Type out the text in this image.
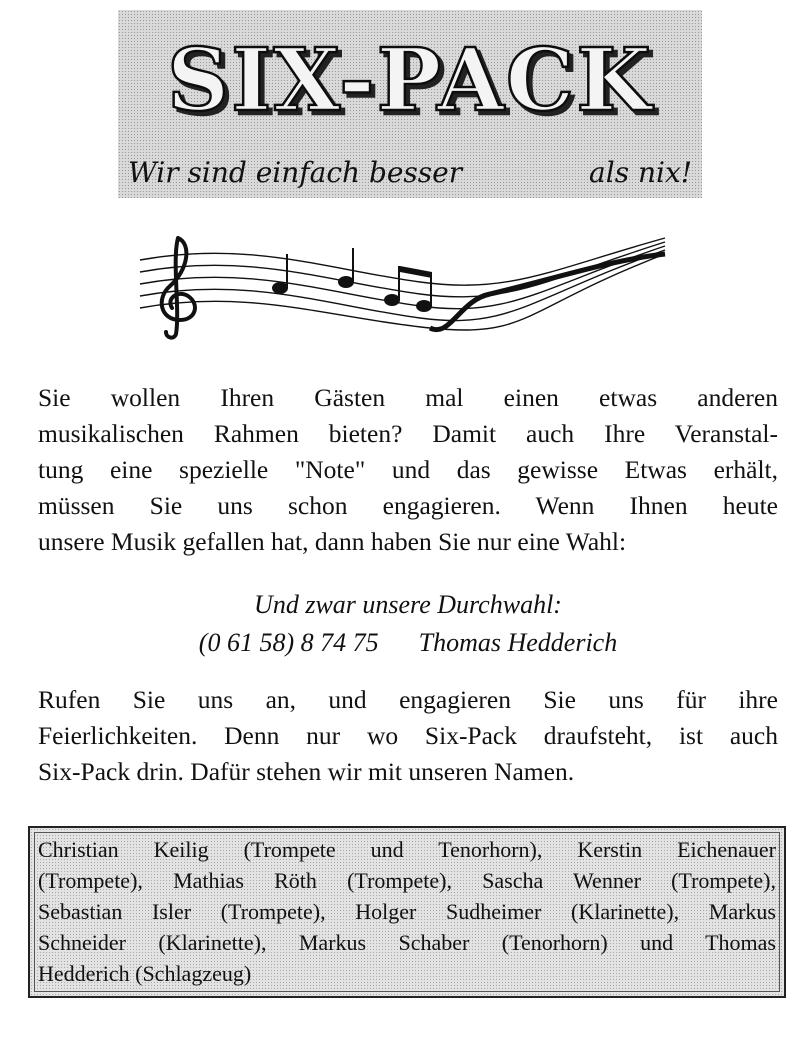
SIX-PACK
Wir sind einfach besser	als nix!

Sie wollen Ihren Gästen mal einen etwas anderen
musikalischen Rahmen bieten? Damit auch Ihre Veranstal-
tung eine spezielle "Note" und das gewisse Etwas erhält,
müssen Sie uns schon engagieren. Wenn Ihnen heute
unsere Musik gefallen hat, dann haben Sie nur eine Wahl:

Und zwar unsere Durchwahl:
(0 61 58) 8 74 75 Thomas Hedderich

Rufen Sie uns an, und engagieren Sie uns für ihre
Feierlichkeiten. Denn nur wo Six-Pack draufsteht, ist auch
Six-Pack drin. Dafür stehen wir mit unseren Namen.

Christian Keilig (Trompete und Tenorhorn), Kerstin Eichenauer
(Trompete), Mathias Röth (Trompete), Sascha Wenner (Trompete),
Sebastian Isler (Trompete), Holger Sudheimer (Klarinette), Markus
Schneider (Klarinette), Markus Schaber (Tenorhorn) und Thomas
Hedderich (Schlagzeug)
